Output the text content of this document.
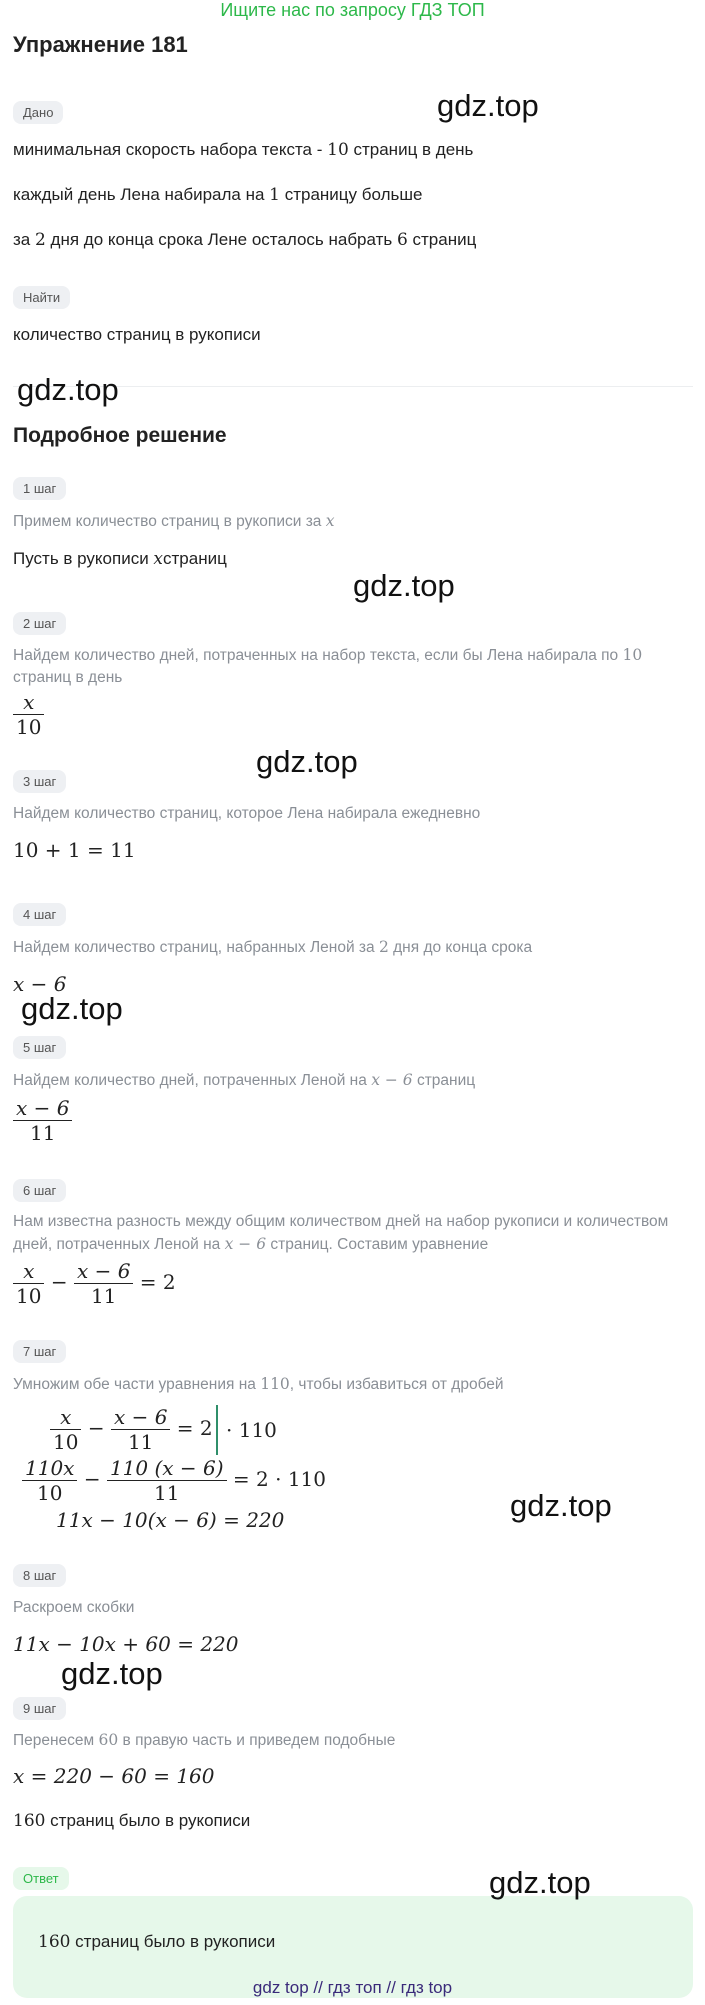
Ищите нас по запросу ГДЗ ТОП
Упражнение 181
Дано
минимальная скорость набора текста - 10 страниц в день
каждый день Лена набирала на 1 страницу больше
за 2 дня до конца срока Лене осталось набрать 6 страниц
Найти
количество страниц в рукописи
Подробное решение
1 шаг
Примем количество страниц в рукописи за x
Пусть в рукописи xстраниц
2 шаг
Найдем количество дней, потраченных на набор текста, если бы Лена набирала по 10 страниц в день
$\frac{x}{10}$
3 шаг
Найдем количество страниц, которое Лена набирала ежедневно
10 + 1 = 11
4 шаг
Найдем количество страниц, набранных Леной за 2 дня до конца срока
x − 6
5 шаг
Найдем количество дней, потраченных Леной на x − 6 страниц
$\frac{x - 6}{11}$
6 шаг
Нам известна разность между общим количеством дней на набор рукописи и количеством дней, потраченных Леной на x − 6 страниц. Составим уравнение
$\frac{x}{10} - \frac{x - 6}{11} = 2$
7 шаг
Умножим обе части уравнения на 110, чтобы избавиться от дробей
$\frac{x}{10} - \frac{x - 6}{11} = 2 \cdot 110$
$\frac{110x}{10} - \frac{110 (x - 6)}{11} = 2 \cdot 110$
11x − 10(x − 6) = 220
8 шаг
Раскроем скобки
11x − 10x + 60 = 220
9 шаг
Перенесем 60 в правую часть и приведем подобные
x = 220 − 60 = 160
160 страниц было в рукописи
Ответ
160 страниц было в рукописи
gdz.top
gdz.top
gdz.top
gdz.top
gdz.top
gdz.top
gdz.top
gdz.top
gdz top // гдз топ // гдз top
